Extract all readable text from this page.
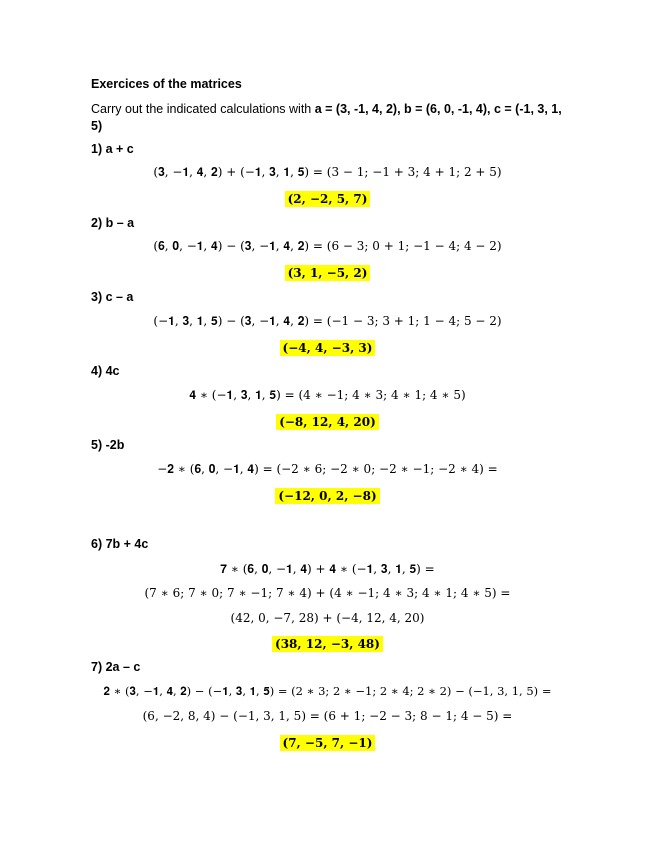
Exercices of the matrices
Carry out the indicated calculations with a = (3, -1, 4, 2), b = (6, 0, -1, 4), c = (-1, 3, 1, 5)
1) a + c
(𝟑, −𝟏, 𝟒, 𝟐) + (−𝟏, 𝟑, 𝟏, 𝟓) = (3 − 1; −1 + 3; 4 + 1; 2 + 5)
(𝟐, −𝟐, 𝟓, 𝟕)
2) b – a
(𝟔, 𝟎, −𝟏, 𝟒) − (𝟑, −𝟏, 𝟒, 𝟐) = (6 − 3; 0 + 1; −1 − 4; 4 − 2)
(𝟑, 𝟏, −𝟓, 𝟐)
3) c – a
(−𝟏, 𝟑, 𝟏, 𝟓) − (𝟑, −𝟏, 𝟒, 𝟐) = (−1 − 3; 3 + 1; 1 − 4; 5 − 2)
(−𝟒, 𝟒, −𝟑, 𝟑)
4) 4c
𝟒 ∗ (−𝟏, 𝟑, 𝟏, 𝟓) = (4 ∗ −1; 4 ∗ 3; 4 ∗ 1; 4 ∗ 5)
(−𝟖, 𝟏𝟐, 𝟒, 𝟐𝟎)
5) -2b
−𝟐 ∗ (𝟔, 𝟎, −𝟏, 𝟒) = (−2 ∗ 6; −2 ∗ 0; −2 ∗ −1; −2 ∗ 4) =
(−𝟏𝟐, 𝟎, 𝟐, −𝟖)
6) 7b + 4c
𝟕 ∗ (𝟔, 𝟎, −𝟏, 𝟒) + 𝟒 ∗ (−𝟏, 𝟑, 𝟏, 𝟓) =
(7 ∗ 6; 7 ∗ 0; 7 ∗ −1; 7 ∗ 4) + (4 ∗ −1; 4 ∗ 3; 4 ∗ 1; 4 ∗ 5) =
(42, 0, −7, 28) + (−4, 12, 4, 20)
(𝟑𝟖, 𝟏𝟐, −𝟑, 𝟒𝟖)
7) 2a – c
𝟐 ∗ (𝟑, −𝟏, 𝟒, 𝟐) − (−𝟏, 𝟑, 𝟏, 𝟓) = (2 ∗ 3; 2 ∗ −1; 2 ∗ 4; 2 ∗ 2) − (−1, 3, 1, 5) =
(6, −2, 8, 4) − (−1, 3, 1, 5) = (6 + 1; −2 − 3; 8 − 1; 4 − 5) =
(𝟕, −𝟓, 𝟕, −𝟏)
